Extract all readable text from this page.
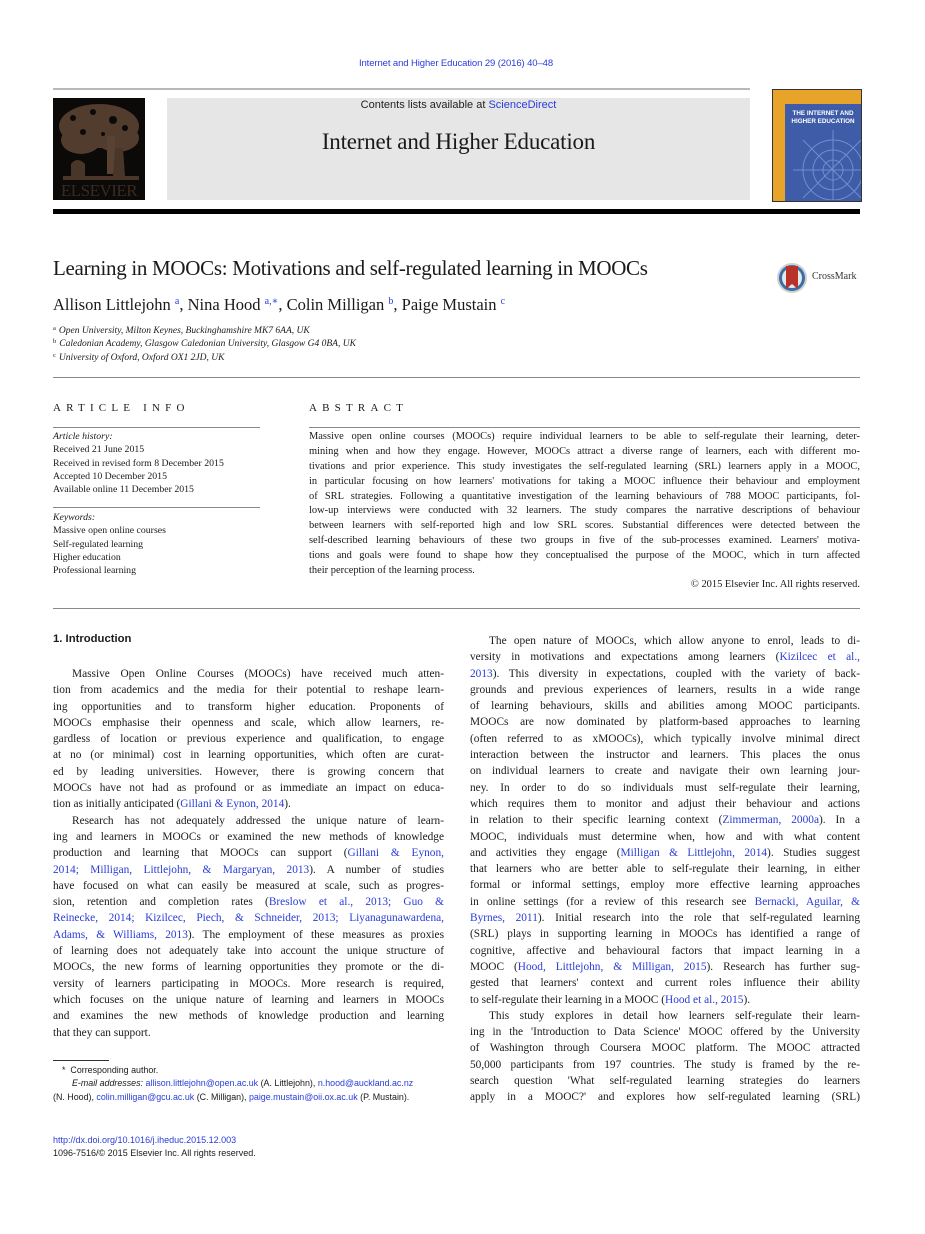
Internet and Higher Education 29 (2016) 40–48
ELSEVIER
Contents lists available at ScienceDirect
Internet and Higher Education
THE INTERNET AND HIGHER EDUCATION
Learning in MOOCs: Motivations and self-regulated learning in MOOCs	CrossMark
Allison Littlejohn $^a$, Nina Hood $^{a,∗}$, Colin Milligan $^b$, Paige Mustain $^c$
$^a$ Open University, Milton Keynes, Buckinghamshire MK7 6AA, UK
$^b$ Caledonian Academy, Glasgow Caledonian University, Glasgow G4 0BA, UK
$^c$ University of Oxford, Oxford OX1 2JD, UK
ARTICLE INFO	ABSTRACT
Article history:
Received 21 June 2015
Received in revised form 8 December 2015
Accepted 10 December 2015
Available online 11 December 2015
Keywords:
Massive open online courses
Self-regulated learning
Higher education
Professional learning
Massive open online courses (MOOCs) require individual learners to be able to self-regulate their learning, deter-
mining when and how they engage. However, MOOCs attract a diverse range of learners, each with different mo-
tivations and prior experience. This study investigates the self-regulated learning (SRL) learners apply in a MOOC,
in particular focusing on how learners' motivations for taking a MOOC influence their behaviour and employment
of SRL strategies. Following a quantitative investigation of the learning behaviours of 788 MOOC participants, fol-
low-up interviews were conducted with 32 learners. The study compares the narrative descriptions of behaviour
between learners with self-reported high and low SRL scores. Substantial differences were detected between the
self-described learning behaviours of these two groups in five of the sub-processes examined. Learners' motiva-
tions and goals were found to shape how they conceptualised the purpose of the MOOC, which in turn affected
their perception of the learning process.
© 2015 Elsevier Inc. All rights reserved.
1. Introduction
Massive Open Online Courses (MOOCs) have received much atten-
tion from academics and the media for their potential to reshape learn-
ing opportunities and to transform higher education. Proponents of
MOOCs emphasise their openness and scale, which allow learners, re-
gardless of location or previous experience and qualification, to engage
at no (or minimal) cost in learning opportunities, which often are curat-
ed by leading universities. However, there is growing concern that
MOOCs have not had as profound or as immediate an impact on educa-
tion as initially anticipated (Gillani & Eynon, 2014).
Research has not adequately addressed the unique nature of learn-
ing and learners in MOOCs or examined the new methods of knowledge
production and learning that MOOCs can support (Gillani & Eynon,
2014; Milligan, Littlejohn, & Margaryan, 2013). A number of studies
have focused on what can easily be measured at scale, such as progres-
sion, retention and completion rates (Breslow et al., 2013; Guo &
Reinecke, 2014; Kizilcec, Piech, & Schneider, 2013; Liyanagunawardena,
Adams, & Williams, 2013). The employment of these measures as proxies
of learning does not adequately take into account the unique structure of
MOOCs, the new forms of learning opportunities they promote or the di-
versity of learners participating in MOOCs. More research is required,
which focuses on the unique nature of learning and learners in MOOCs
and examines the new methods of knowledge production and learning
that they can support.
The open nature of MOOCs, which allow anyone to enrol, leads to di-
versity in motivations and expectations among learners (Kizilcec et al.,
2013). This diversity in expectations, coupled with the variety of back-
grounds and previous experiences of learners, results in a wide range
of learning behaviours, skills and abilities among MOOC participants.
MOOCs are now dominated by platform-based approaches to learning
(often referred to as xMOOCs), which typically involve minimal direct
interaction between the instructor and learners. This places the onus
on individual learners to create and navigate their own learning jour-
ney. In order to do so individuals must self-regulate their learning,
which requires them to monitor and adjust their behaviour and actions
in relation to their specific learning context (Zimmerman, 2000a). In a
MOOC, individuals must determine when, how and with what content
and activities they engage (Milligan & Littlejohn, 2014). Studies suggest
that learners who are better able to self-regulate their learning, in either
formal or informal settings, employ more effective learning approaches
in online settings (for a review of this research see Bernacki, Aguilar, &
Byrnes, 2011). Initial research into the role that self-regulated learning
(SRL) plays in supporting learning in MOOCs has identified a range of
cognitive, affective and behavioural factors that impact learning in a
MOOC (Hood, Littlejohn, & Milligan, 2015). Research has further sug-
gested that learners' context and current roles influence their ability
to self-regulate their learning in a MOOC (Hood et al., 2015).
This study explores in detail how learners self-regulate their learn-
ing in the 'Introduction to Data Science' MOOC offered by the University
of Washington through Coursera MOOC platform. The MOOC attracted
50,000 participants from 197 countries. The study is framed by the re-
search question 'What self-regulated learning strategies do learners
apply in a MOOC?' and explores how self-regulated learning (SRL)
* Corresponding author.
E-mail addresses: allison.littlejohn@open.ac.uk (A. Littlejohn), n.hood@auckland.ac.nz
(N. Hood), colin.milligan@gcu.ac.uk (C. Milligan), paige.mustain@oii.ox.ac.uk (P. Mustain).
http://dx.doi.org/10.1016/j.iheduc.2015.12.003
1096-7516/© 2015 Elsevier Inc. All rights reserved.
